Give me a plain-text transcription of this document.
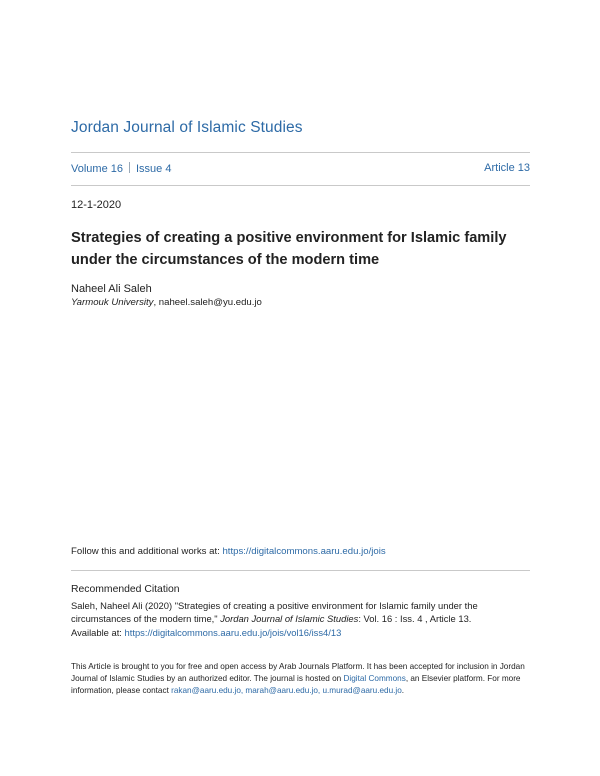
Jordan Journal of Islamic Studies
Volume 16 Issue 4	Article 13
12-1-2020
Strategies of creating a positive environment for Islamic family
under the circumstances of the modern time
Naheel Ali Saleh
Yarmouk University, naheel.saleh@yu.edu.jo
Follow this and additional works at: https://digitalcommons.aaru.edu.jo/jois
Recommended Citation
Saleh, Naheel Ali (2020) "Strategies of creating a positive environment for Islamic family under the circumstances of the modern time," Jordan Journal of Islamic Studies: Vol. 16 : Iss. 4 , Article 13.
Available at: https://digitalcommons.aaru.edu.jo/jois/vol16/iss4/13
This Article is brought to you for free and open access by Arab Journals Platform. It has been accepted for inclusion in Jordan Journal of Islamic Studies by an authorized editor. The journal is hosted on Digital Commons, an Elsevier platform. For more information, please contact rakan@aaru.edu.jo, marah@aaru.edu.jo, u.murad@aaru.edu.jo.
